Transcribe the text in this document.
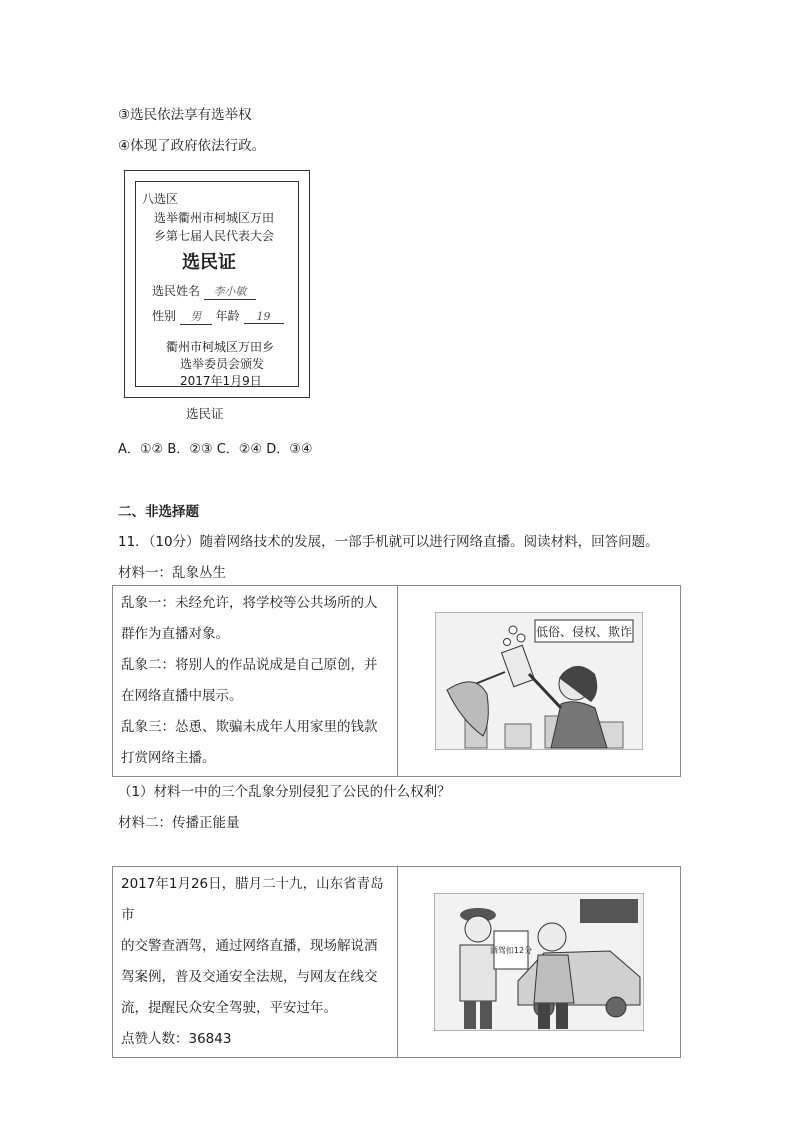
③选民依法享有选举权
④体现了政府依法行政。
八选区
选举衢州市柯城区万田
乡第七届人民代表大会
选民证
选民姓名 李小敏
性别 男 年龄 19
衢州市柯城区万田乡
选举委员会颁发
2017年1月9日
选民证
A．①② B．②③ C．②④ D．③④
二、非选择题
11．（10分）随着网络技术的发展，一部手机就可以进行网络直播。阅读材料，回答问题。
材料一：乱象丛生
乱象一：未经允许，将学校等公共场所的人
群作为直播对象。
乱象二：将别人的作品说成是自己原创，并
在网络直播中展示。
乱象三：怂恿、欺骗未成年人用家里的钱款
打赏网络主播。

低俗、侵权、欺诈
（1）材料一中的三个乱象分别侵犯了公民的什么权利？
材料二：传播正能量
2017年1月26日，腊月二十九，山东省青岛市
的交警查酒驾，通过网络直播，现场解说酒
驾案例，普及交通安全法规，与网友在线交
流，提醒民众安全驾驶，平安过年。
点赞人数：36843

酒驾扣12分
